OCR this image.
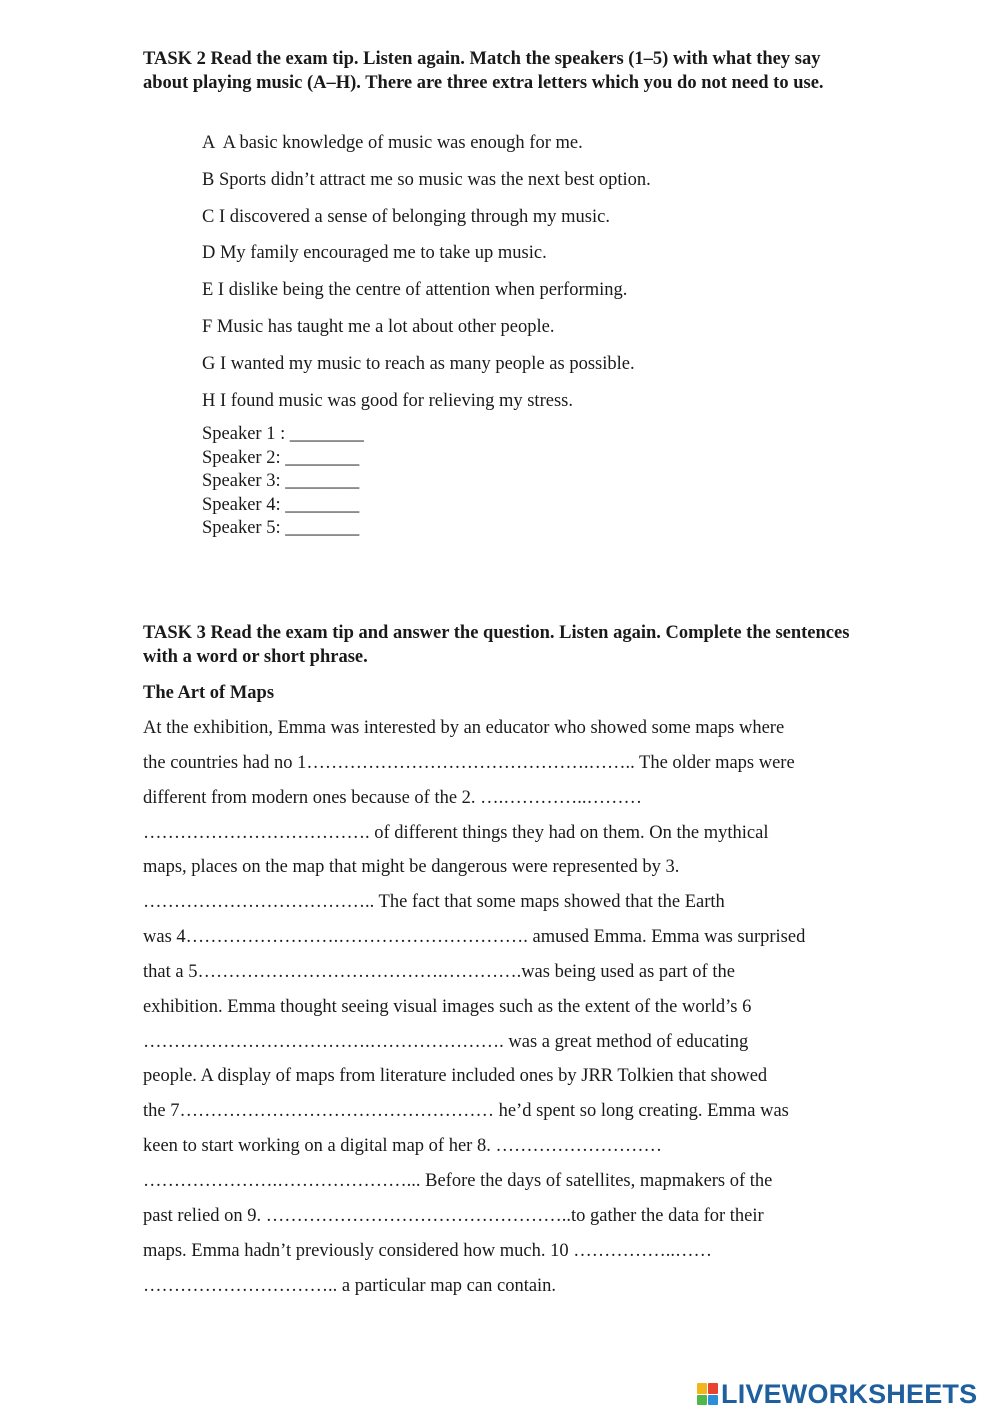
TASK 2 Read the exam tip. Listen again. Match the speakers (1–5) with what they say about playing music (A–H). There are three extra letters which you do not need to use.
A  A basic knowledge of music was enough for me.
B Sports didn’t attract me so music was the next best option.
C I discovered a sense of belonging through my music.
D My family encouraged me to take up music.
E I dislike being the centre of attention when performing.
F Music has taught me a lot about other people.
G I wanted my music to reach as many people as possible.
H I found music was good for relieving my stress.
Speaker 1 : ________
Speaker 2: ________
Speaker 3: ________
Speaker 4: ________
Speaker 5: ________
TASK 3 Read the exam tip and answer the question. Listen again. Complete the sentences with a word or short phrase.
The Art of Maps
At the exhibition, Emma was interested by an educator who showed some maps where
the countries had no 1……………………………………….…….. The older maps were
different from modern ones because of the 2. ….…………..………
………………………………. of different things they had on them. On the mythical
maps, places on the map that might be dangerous were represented by 3.
……………………………….. The fact that some maps showed that the Earth
was 4…………………….…………………………. amused Emma. Emma was surprised
that a 5………………………………….………….was being used as part of the
exhibition. Emma thought seeing visual images such as the extent of the world’s 6
……………………………….…………………. was a great method of educating
people. A display of maps from literature included ones by JRR Tolkien that showed
the 7…………………………………………… he’d spent so long creating. Emma was
keen to start working on a digital map of her 8. ………………………
………………….…………………... Before the days of satellites, mapmakers of the
past relied on 9. …………………………………………..to gather the data for their
maps. Emma hadn’t previously considered how much. 10 ……………..……
………………………….. a particular map can contain.
LIVEWORKSHEETS
